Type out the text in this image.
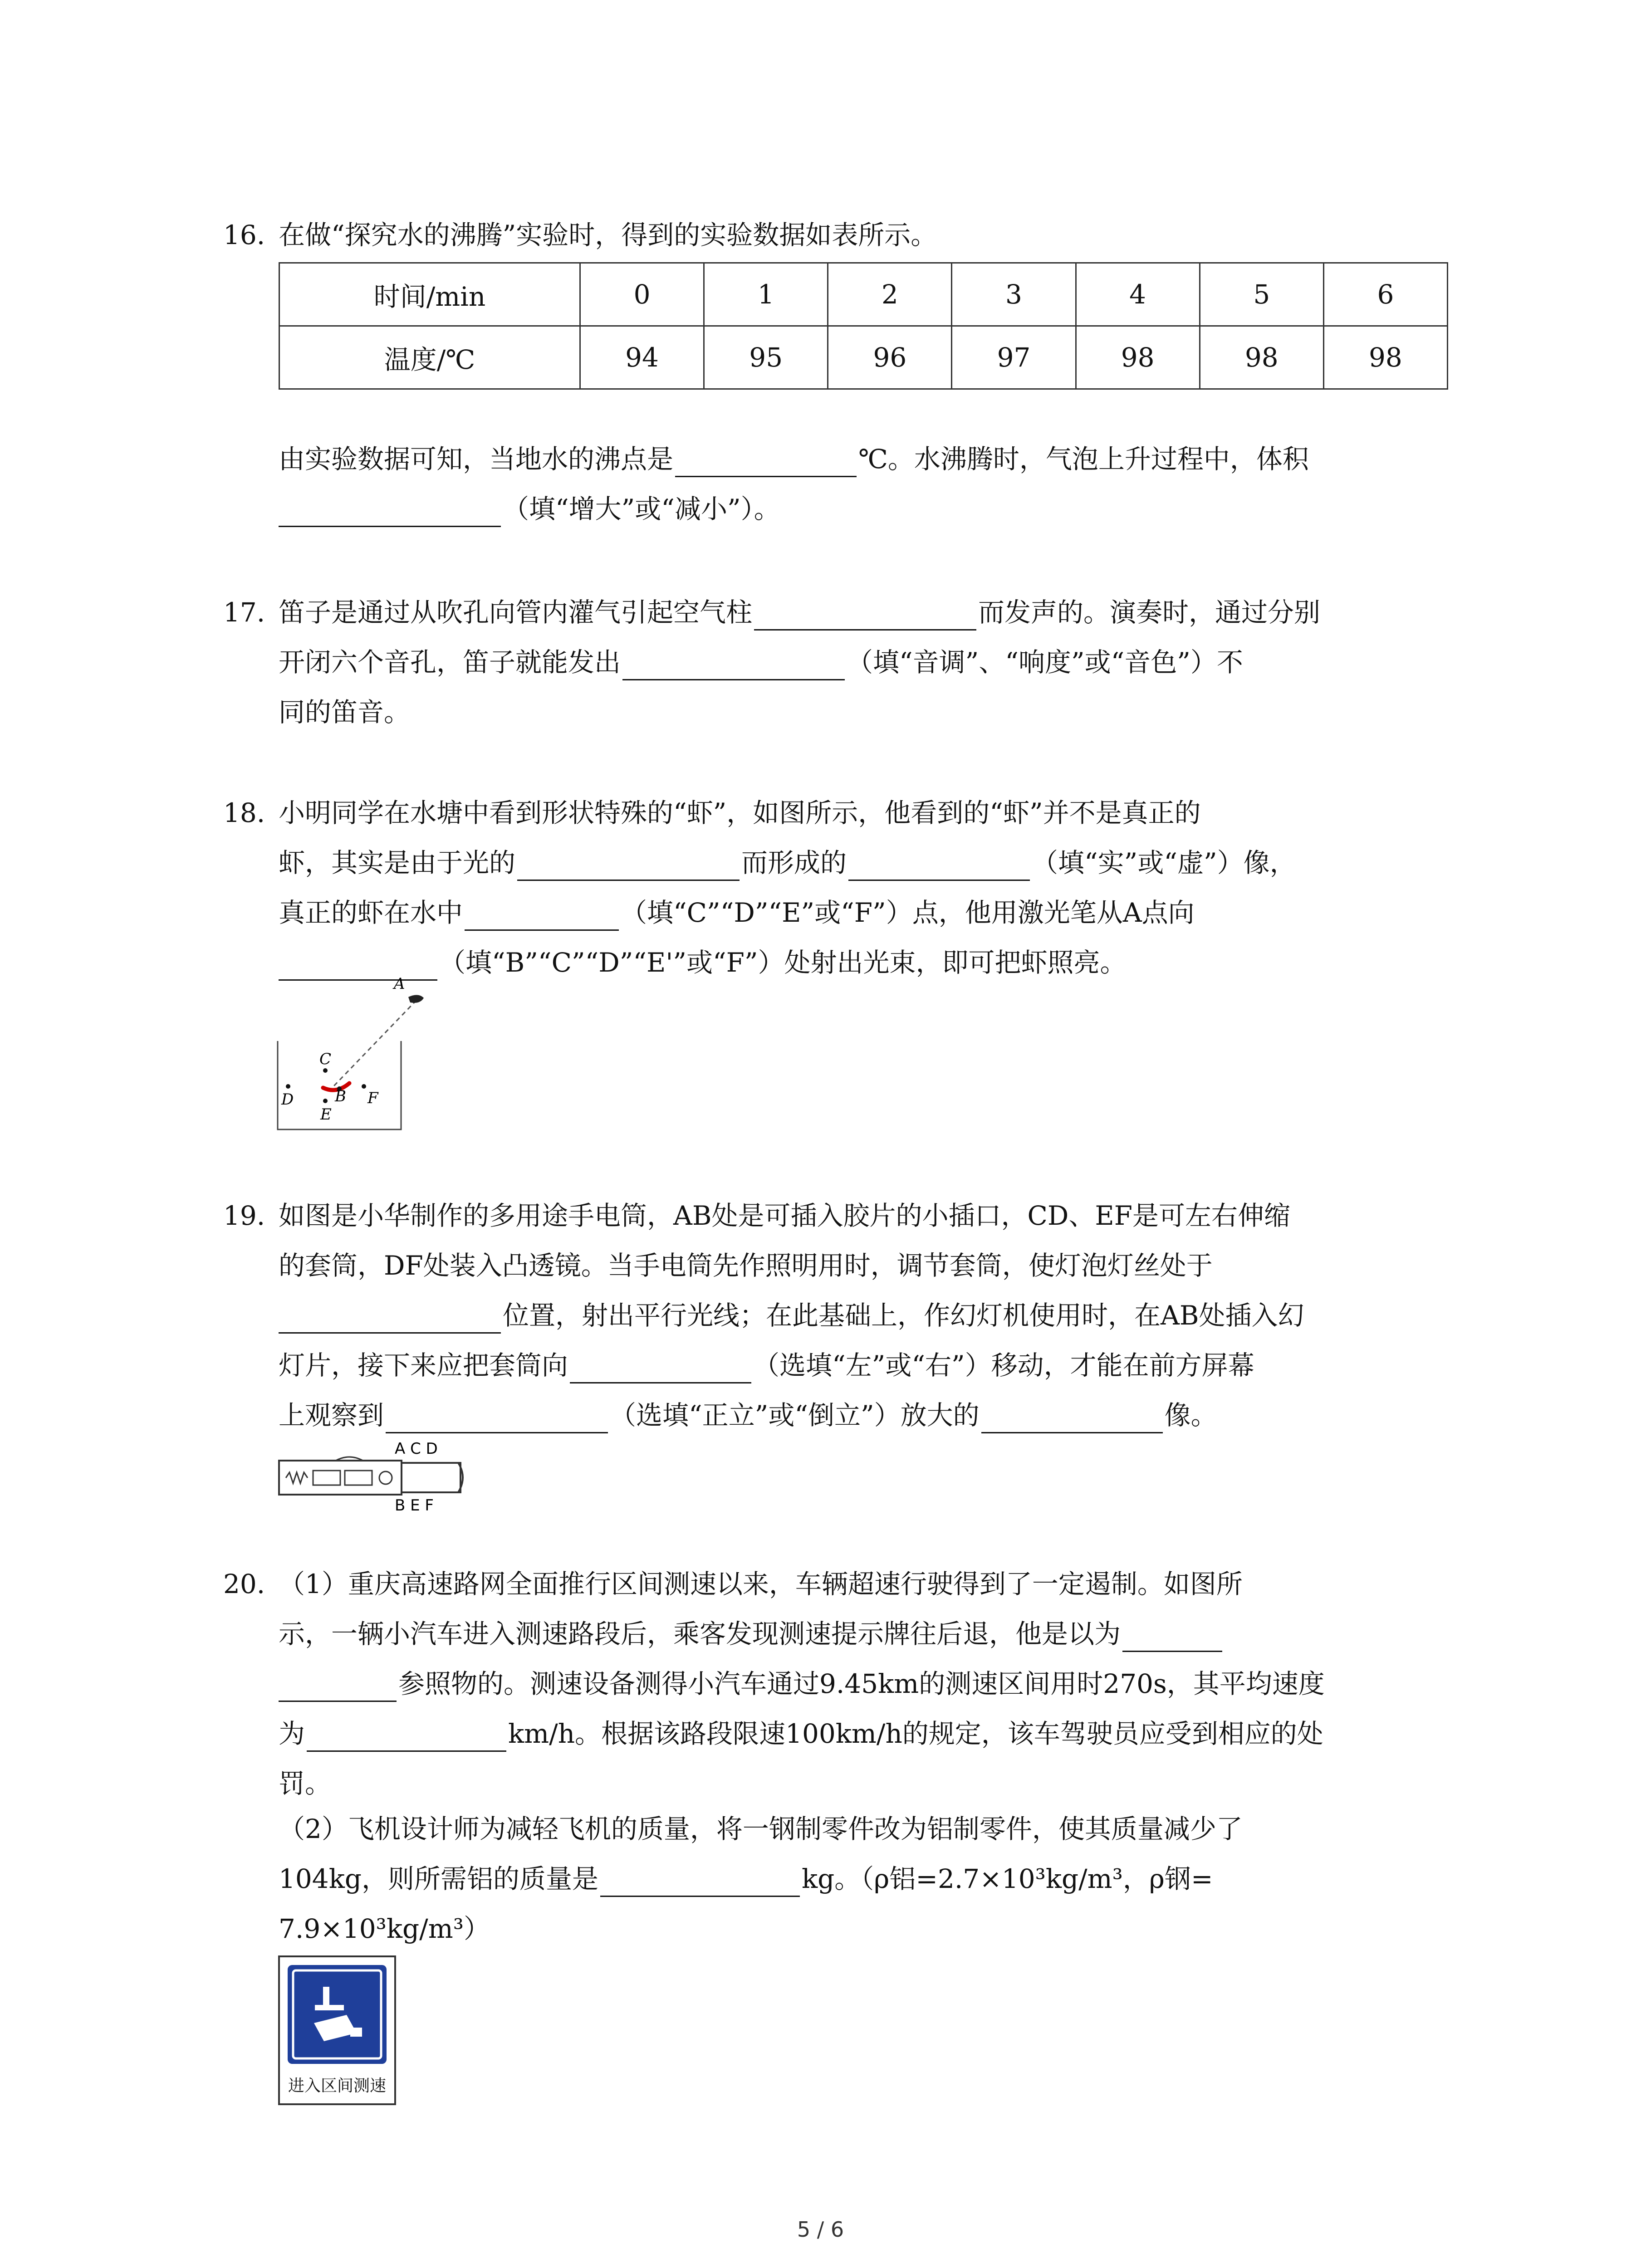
16. 在做“探究水的沸腾”实验时，得到的实验数据如表所示。
时间/min	0	1	2	3	4	5	6
温度/℃	94	95	96	97	98	98	98
由实验数据可知，当地水的沸点是	℃。水沸腾时，气泡上升过程中，体积
（填“增大”或“减小”）。
17. 笛子是通过从吹孔向管内灌气引起空气柱	而发声的。演奏时，通过分别
开闭六个音孔，笛子就能发出	（填“音调”、“响度”或“音色”）不
同的笛音。
18. 小明同学在水塘中看到形状特殊的“虾”，如图所示，他看到的“虾”并不是真正的
虾，其实是由于光的	而形成的	（填“实”或“虚”）像，
真正的虾在水中	（填“C”“D”“E”或“F”）点，他用激光笔从A点向
（填“B”“C”“D”“E'”或“F”）处射出光束，即可把虾照亮。
A
C
D	B
E
F
19. 如图是小华制作的多用途手电筒，AB处是可插入胶片的小插口，CD、EF是可左右伸缩
的套筒，DF处装入凸透镜。当手电筒先作照明用时，调节套筒，使灯泡灯丝处于
位置，射出平行光线；在此基础上，作幻灯机使用时，在AB处插入幻
灯片，接下来应把套筒向	（选填“左”或“右”）移动，才能在前方屏幕
上观察到	（选填“正立”或“倒立”）放大的	像。
A C D
B E F
20. （1）重庆高速路网全面推行区间测速以来，车辆超速行驶得到了一定遏制。如图所
示，一辆小汽车进入测速路段后，乘客发现测速提示牌往后退，他是以为
参照物的。测速设备测得小汽车通过9.45km的测速区间用时270s，其平均速度
为	km/h。根据该路段限速100km/h的规定，该车驾驶员应受到相应的处
罚。
（2）飞机设计师为减轻飞机的质量，将一钢制零件改为铝制零件，使其质量减少了
104kg，则所需铝的质量是	kg。（ρ铝=2.7×10³kg/m³，ρ钢=
7.9×10³kg/m³）
进入区间测速
5 / 6
